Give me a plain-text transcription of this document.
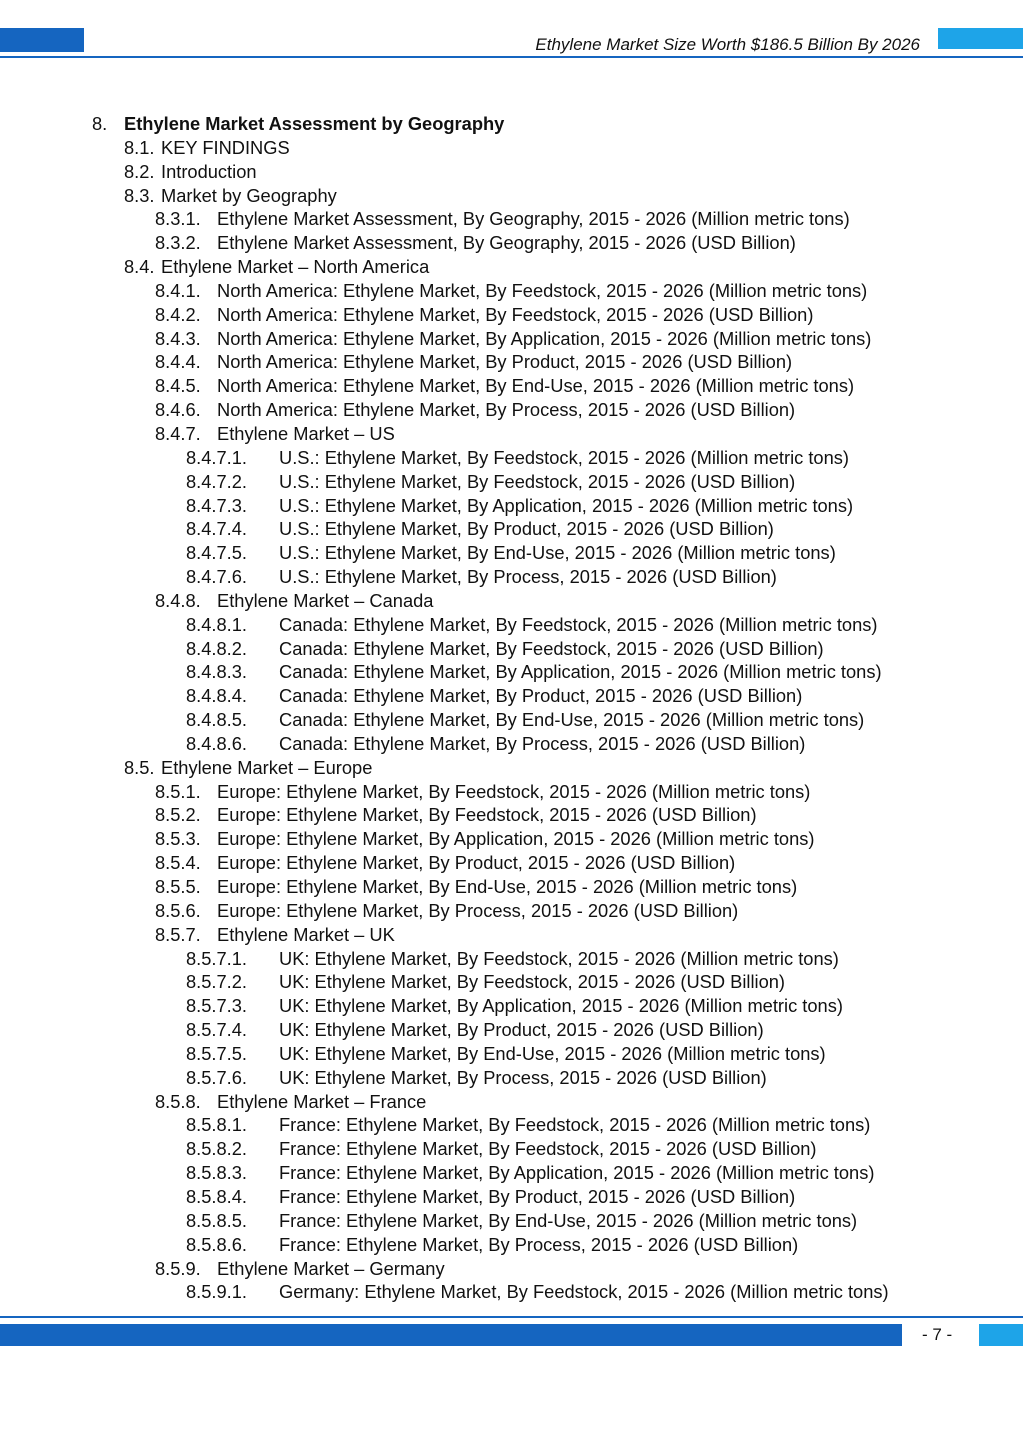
Ethylene Market Size Worth $186.5 Billion By 2026
8. Ethylene Market Assessment by Geography
8.1. KEY FINDINGS
8.2. Introduction
8.3. Market by Geography
8.3.1. Ethylene Market Assessment, By Geography, 2015 - 2026 (Million metric tons)
8.3.2. Ethylene Market Assessment, By Geography, 2015 - 2026 (USD Billion)
8.4. Ethylene Market – North America
8.4.1. North America: Ethylene Market, By Feedstock, 2015 - 2026 (Million metric tons)
8.4.2. North America: Ethylene Market, By Feedstock, 2015 - 2026 (USD Billion)
8.4.3. North America: Ethylene Market, By Application, 2015 - 2026 (Million metric tons)
8.4.4. North America: Ethylene Market, By Product, 2015 - 2026 (USD Billion)
8.4.5. North America: Ethylene Market, By End-Use, 2015 - 2026 (Million metric tons)
8.4.6. North America: Ethylene Market, By Process, 2015 - 2026 (USD Billion)
8.4.7. Ethylene Market – US
8.4.7.1. U.S.: Ethylene Market, By Feedstock, 2015 - 2026 (Million metric tons)
8.4.7.2. U.S.: Ethylene Market, By Feedstock, 2015 - 2026 (USD Billion)
8.4.7.3. U.S.: Ethylene Market, By Application, 2015 - 2026 (Million metric tons)
8.4.7.4. U.S.: Ethylene Market, By Product, 2015 - 2026 (USD Billion)
8.4.7.5. U.S.: Ethylene Market, By End-Use, 2015 - 2026 (Million metric tons)
8.4.7.6. U.S.: Ethylene Market, By Process, 2015 - 2026 (USD Billion)
8.4.8. Ethylene Market – Canada
8.4.8.1. Canada: Ethylene Market, By Feedstock, 2015 - 2026 (Million metric tons)
8.4.8.2. Canada: Ethylene Market, By Feedstock, 2015 - 2026 (USD Billion)
8.4.8.3. Canada: Ethylene Market, By Application, 2015 - 2026 (Million metric tons)
8.4.8.4. Canada: Ethylene Market, By Product, 2015 - 2026 (USD Billion)
8.4.8.5. Canada: Ethylene Market, By End-Use, 2015 - 2026 (Million metric tons)
8.4.8.6. Canada: Ethylene Market, By Process, 2015 - 2026 (USD Billion)
8.5. Ethylene Market – Europe
8.5.1. Europe: Ethylene Market, By Feedstock, 2015 - 2026 (Million metric tons)
8.5.2. Europe: Ethylene Market, By Feedstock, 2015 - 2026 (USD Billion)
8.5.3. Europe: Ethylene Market, By Application, 2015 - 2026 (Million metric tons)
8.5.4. Europe: Ethylene Market, By Product, 2015 - 2026 (USD Billion)
8.5.5. Europe: Ethylene Market, By End-Use, 2015 - 2026 (Million metric tons)
8.5.6. Europe: Ethylene Market, By Process, 2015 - 2026 (USD Billion)
8.5.7. Ethylene Market – UK
8.5.7.1. UK: Ethylene Market, By Feedstock, 2015 - 2026 (Million metric tons)
8.5.7.2. UK: Ethylene Market, By Feedstock, 2015 - 2026 (USD Billion)
8.5.7.3. UK: Ethylene Market, By Application, 2015 - 2026 (Million metric tons)
8.5.7.4. UK: Ethylene Market, By Product, 2015 - 2026 (USD Billion)
8.5.7.5. UK: Ethylene Market, By End-Use, 2015 - 2026 (Million metric tons)
8.5.7.6. UK: Ethylene Market, By Process, 2015 - 2026 (USD Billion)
8.5.8. Ethylene Market – France
8.5.8.1. France: Ethylene Market, By Feedstock, 2015 - 2026 (Million metric tons)
8.5.8.2. France: Ethylene Market, By Feedstock, 2015 - 2026 (USD Billion)
8.5.8.3. France: Ethylene Market, By Application, 2015 - 2026 (Million metric tons)
8.5.8.4. France: Ethylene Market, By Product, 2015 - 2026 (USD Billion)
8.5.8.5. France: Ethylene Market, By End-Use, 2015 - 2026 (Million metric tons)
8.5.8.6. France: Ethylene Market, By Process, 2015 - 2026 (USD Billion)
8.5.9. Ethylene Market – Germany
8.5.9.1. Germany: Ethylene Market, By Feedstock, 2015 - 2026 (Million metric tons)
- 7 -
